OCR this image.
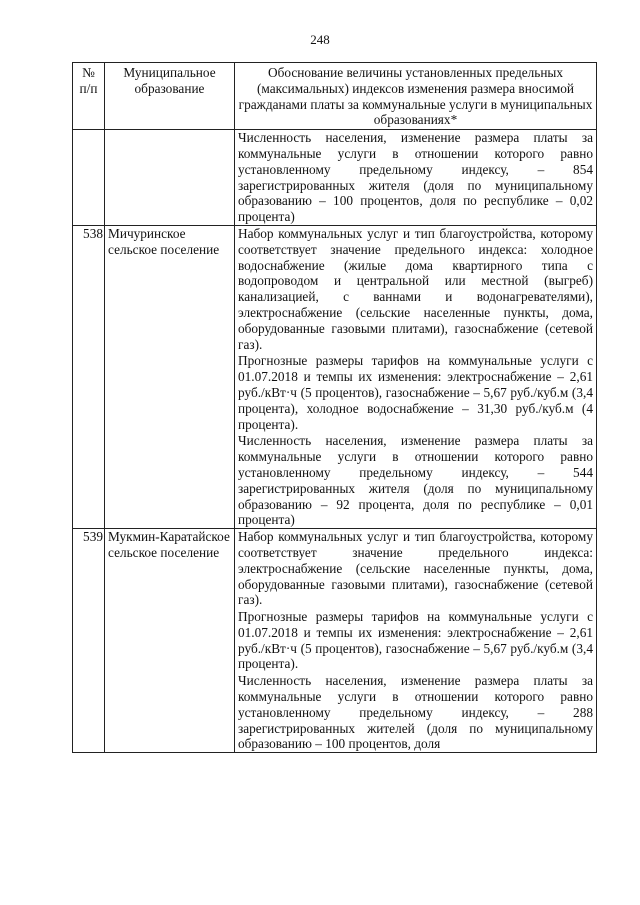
248
№ п/п	Муниципальное образование	Обоснование величины установленных предельных (максимальных) индексов изменения размера вносимой гражданами платы за коммунальные услуги в муниципальных образованиях*

		Численность населения, изменение размера платы за коммунальные услуги в отношении которого равно установленному предельному индексу, – 854 зарегистрированных жителя (доля по муниципальному образованию – 100 процентов, доля по республике – 0,02 процента)

538	Мичуринское сельское поселение	Набор коммунальных услуг и тип благоустройства, которому соответствует значение предельного индекса: холодное водоснабжение (жилые дома квартирного типа с водопроводом и центральной или местной (выгреб) канализацией, с ваннами и водонагревателями), электроснабжение (сельские населенные пункты, дома, оборудованные газовыми плитами), газоснабжение (сетевой газ).

Прогнозные размеры тарифов на коммунальные услуги с 01.07.2018 и темпы их изменения: электроснабжение – 2,61 руб./кВт·ч (5 процентов), газоснабжение – 5,67 руб./куб.м (3,4 процента), холодное водоснабжение – 31,30 руб./куб.м (4 процента).

Численность населения, изменение размера платы за коммунальные услуги в отношении которого равно установленному предельному индексу, – 544 зарегистрированных жителя (доля по муниципальному образованию – 92 процента, доля по республике – 0,01 процента)

539	Мукмин-Каратайское сельское поселение	Набор коммунальных услуг и тип благоустройства, которому соответствует значение предельного индекса: электроснабжение (сельские населенные пункты, дома, оборудованные газовыми плитами), газоснабжение (сетевой газ).

Прогнозные размеры тарифов на коммунальные услуги с 01.07.2018 и темпы их изменения: электроснабжение – 2,61 руб./кВт·ч (5 процентов), газоснабжение – 5,67 руб./куб.м (3,4 процента).

Численность населения, изменение размера платы за коммунальные услуги в отношении которого равно установленному предельному индексу, – 288 зарегистрированных жителей (доля по муниципальному образованию – 100 процентов, доля
